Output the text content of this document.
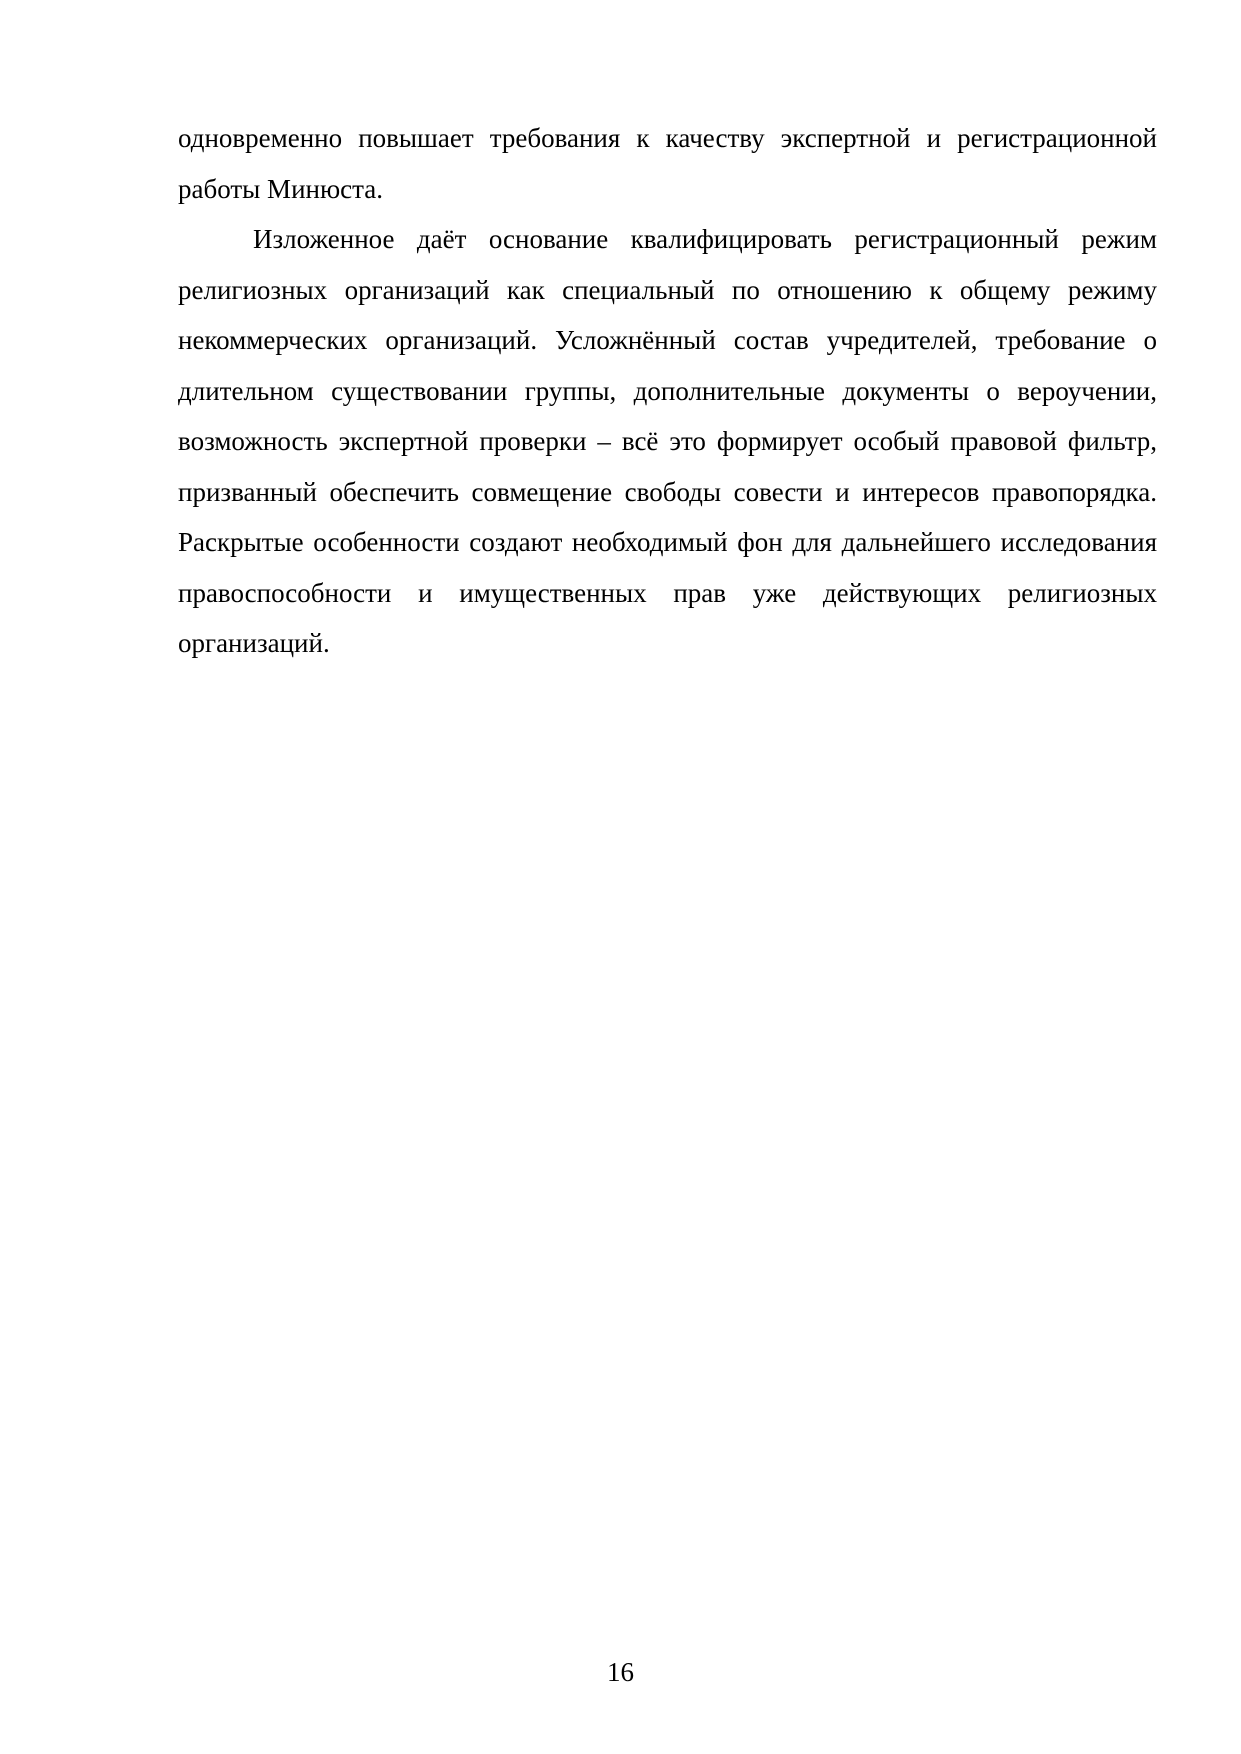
одновременно повышает требования к качеству экспертной и регистрационной работы Минюста.

Изложенное даёт основание квалифицировать регистрационный режим религиозных организаций как специальный по отношению к общему режиму некоммерческих организаций. Усложнённый состав учредителей, требование о длительном существовании группы, дополнительные документы о вероучении, возможность экспертной проверки – всё это формирует особый правовой фильтр, призванный обеспечить совмещение свободы совести и интересов правопорядка. Раскрытые особенности создают необходимый фон для дальнейшего исследования правоспособности и имущественных прав уже действующих религиозных организаций.

16
